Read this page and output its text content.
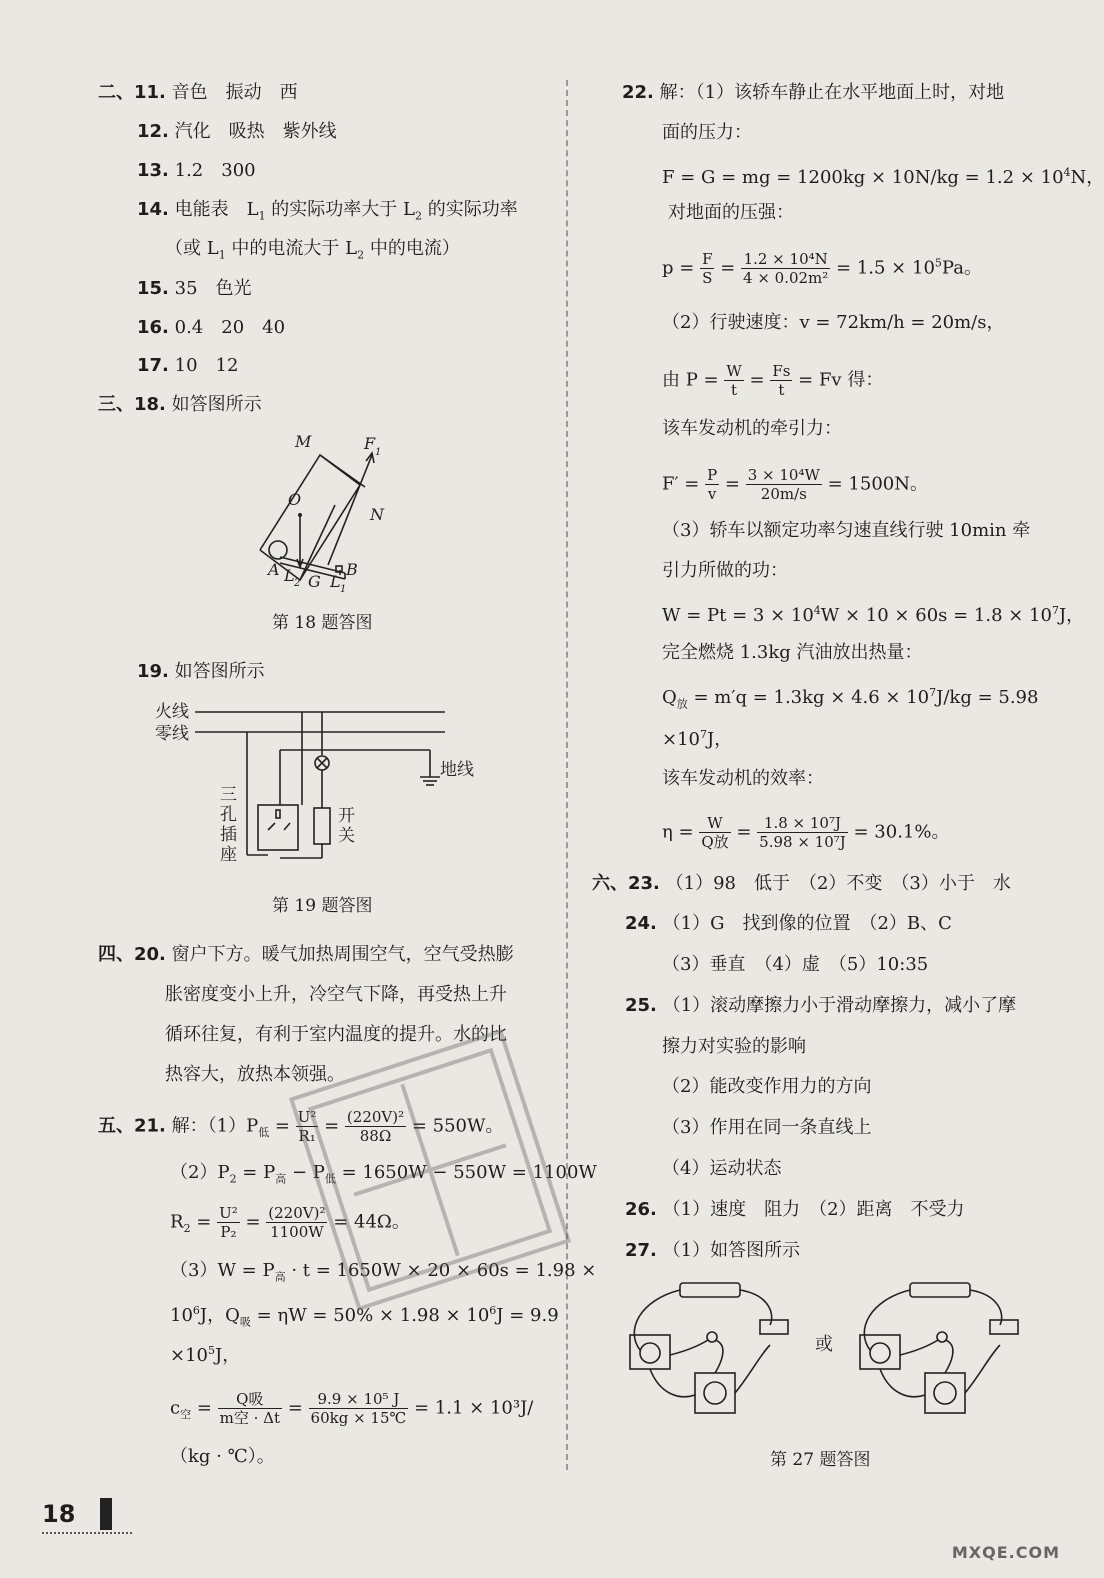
二、11. 音色　振动　西
12. 汽化　吸热　紫外线
13. 1.2　300
14. 电能表　$L_1$ 的实际功率大于 $L_2$ 的实际功率
（或 $L_1$ 中的电流大于 $L_2$ 中的电流）
15. 35　色光
16. 0.4　20　40
17. 10　12
三、18. 如答图所示
M	F 1
O
N
A L 2 G L 1
B
第 18 题答图
19. 如答图所示
火线
零线
地线
三
孔
插
座
开
关
第 19 题答图
四、20. 窗户下方。暖气加热周围空气，空气受热膨
胀密度变小上升，冷空气下降，再受热上升
循环往复，有利于室内温度的提升。水的比
热容大，放热本领强。
五、21. 解：$(1)P_低 = \frac{\text{U²}}{\text{R₁}} = \frac{\text{(220V)²}}{88\Omega} = 550W$。
$(2)P_2 = P_高 - P_低 = 1650W - 550W = 1100W$
$R_2 = \frac{\text{U²}}{\text{P₂}} = \frac{\text{(220V)²}}{1100W} = 44\Omega$。
$(3)W = P_高 \cdot t = 1650W \times 20 \times 60s = 1.98$ ×
$10^6J$，$Q_吸 = \eta W = 50\% \times 1.98 \times 10^6J = 9.9$
$\times 10^5J$，
$c_空 = \frac{\text{Q吸}}{\text{m空 · Δt}} = \frac{\text{9.9 × 10⁵ J}}{60kg \times 15℃} = 1.1 \times 10^3J/$
（kg · ℃）。
22. 解：（1）该轿车静止在水平地面上时，对地
面的压力：
F = G = mg = $1200kg \times 10N/kg = 1.2 \times 10^4N$，
对地面的压强：
$p = \frac{F}{S} = \frac{\text{1.2 × 10⁴N}}{\text{4 × 0.02m²}} = 1.5 \times 10^5Pa$。
（2）行驶速度：v = 72km/h = 20m/s，
由 $P = \frac{W}{t} = \frac{Fs}{t} = Fv$ 得：
该车发动机的牵引力：
$F' = \frac{P}{v} = \frac{\text{3 × 10⁴W}}{20m/s} = 1500N$。
（3）轿车以额定功率匀速直线行驶 10min 牵
引力所做的功：
$W = Pt = 3 \times 10^4W \times 10 \times 60s = 1.8 \times 10^7J$，
完全燃烧 1.3kg 汽油放出热量：
$Q_放 = m'q = 1.3kg \times 4.6 \times 10^7J/kg = 5.98$
$\times 10^7J$，
该车发动机的效率：
$\eta = \frac{W}{\text{Q放}} = \frac{\text{1.8 × 10⁷J}}{\text{5.98 × 10⁷J}} = 30.1\%$。
六、23. （1）98　低于　（2）不变　（3）小于　水
24. （1）G　找到像的位置　（2）B、C
（3）垂直　（4）虚　（5）10:35
25. （1）滚动摩擦力小于滑动摩擦力，减小了摩
擦力对实验的影响
（2）能改变作用力的方向
（3）作用在同一条直线上
（4）运动状态
26. （1）速度　阻力　（2）距离　不受力
27. （1）如答图所示
或
第 27 题答图
18
MXQE.COM
